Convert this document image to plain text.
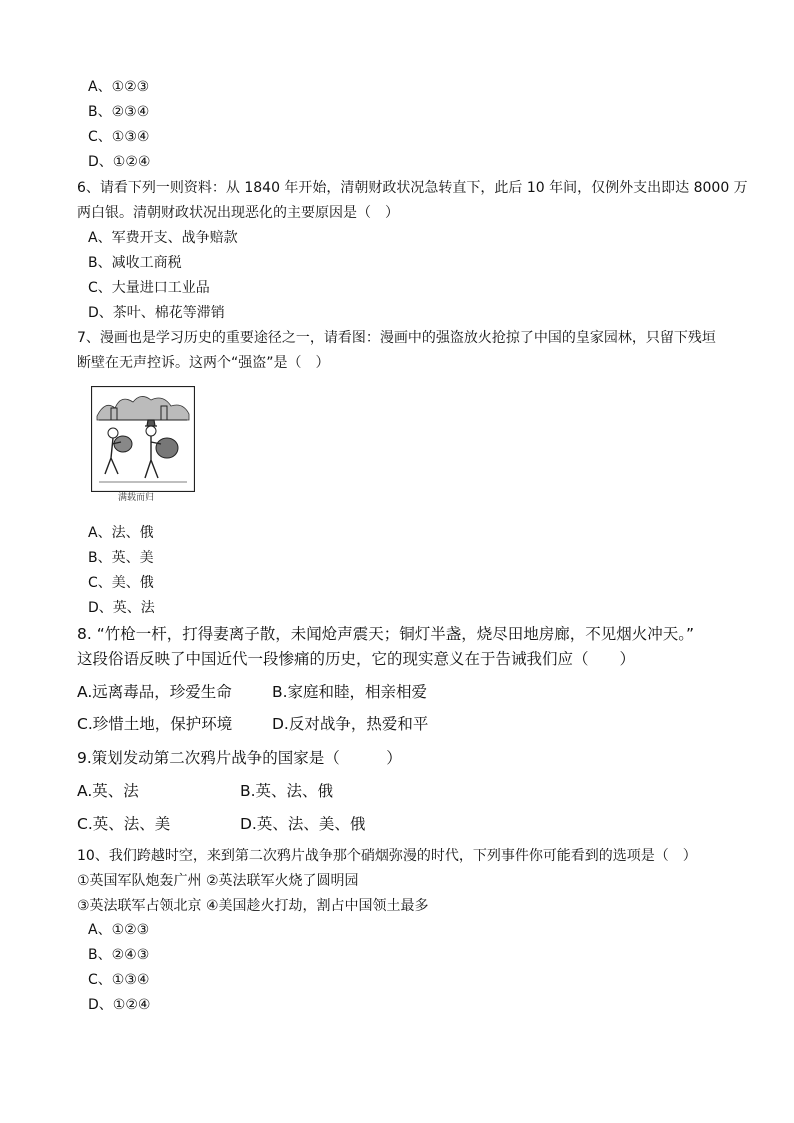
A、①②③
B、②③④
C、①③④
D、①②④
6、请看下列一则资料：从 1840 年开始，清朝财政状况急转直下，此后 10 年间，仅例外支出即达 8000 万
两白银。清朝财政状况出现恶化的主要原因是（　）
A、军费开支、战争赔款
B、减收工商税
C、大量进口工业品
D、茶叶、棉花等滞销
7、漫画也是学习历史的重要途径之一，请看图：漫画中的强盗放火抢掠了中国的皇家园林，只留下残垣
断壁在无声控诉。这两个“强盗”是（　）
满载而归
A、法、俄
B、英、美
C、美、俄
D、英、法
8. “竹枪一杆，打得妻离子散，未闻炝声震天；铜灯半盏，烧尽田地房廊，不见烟火冲天。”
这段俗语反映了中国近代一段惨痛的历史，它的现实意义在于告诫我们应（　　）
A.远离毒品，珍爱生命	B.家庭和睦，相亲相爱
C.珍惜土地，保护环境	D.反对战争，热爱和平
9.策划发动第二次鸦片战争的国家是（　　　）
A.英、法	B.英、法、俄
C.英、法、美	D.英、法、美、俄
10、我们跨越时空，来到第二次鸦片战争那个硝烟弥漫的时代，下列事件你可能看到的选项是（　）
①英国军队炮轰广州 ②英法联军火烧了圆明园
③英法联军占领北京 ④美国趁火打劫，割占中国领土最多
A、①②③
B、②④③
C、①③④
D、①②④
